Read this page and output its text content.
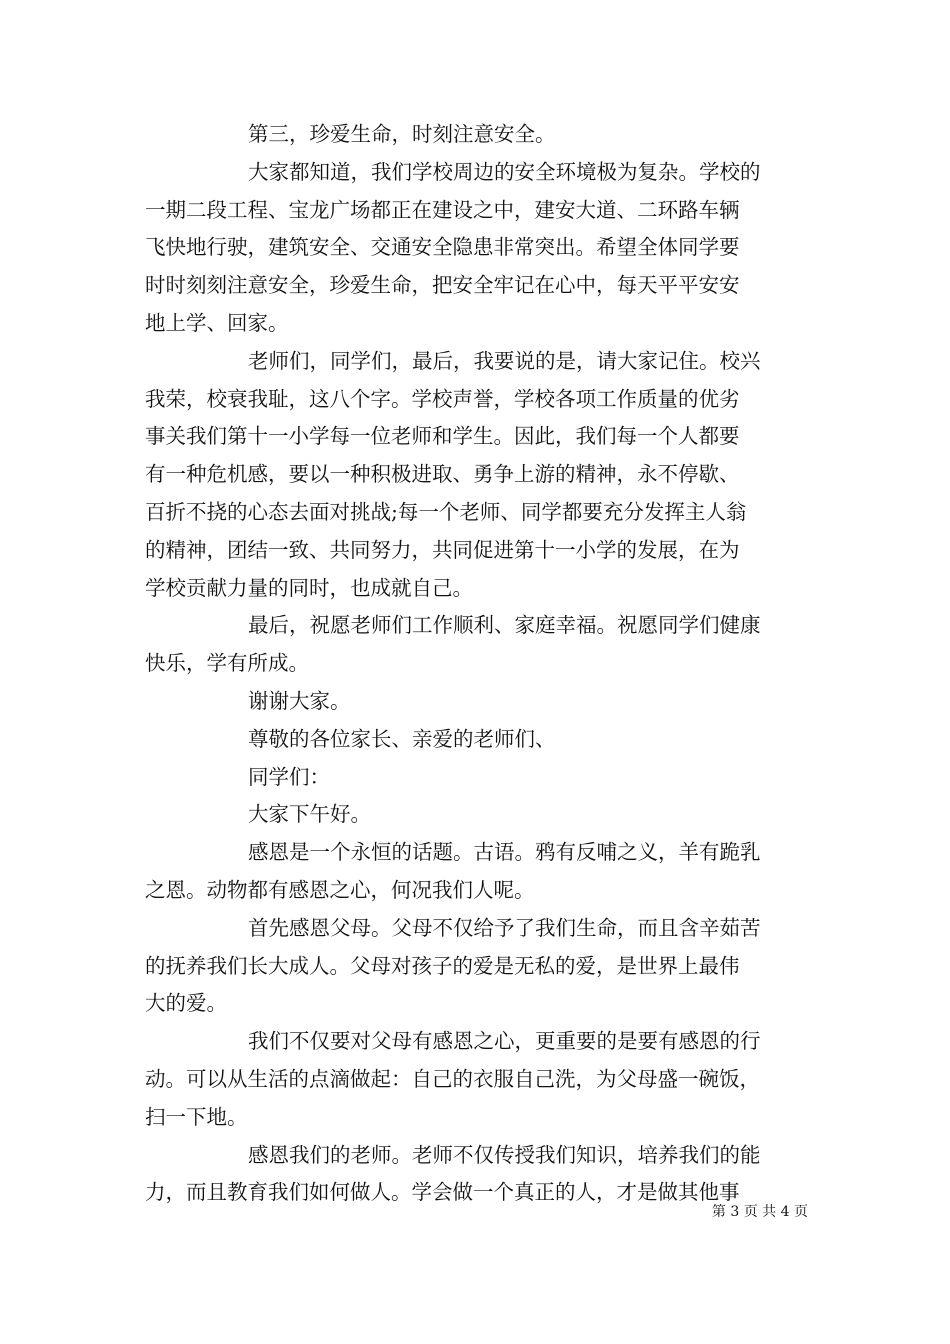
第三，珍爱生命，时刻注意安全。
大家都知道，我们学校周边的安全环境极为复杂。学校的
一期二段工程、宝龙广场都正在建设之中，建安大道、二环路车辆
飞快地行驶，建筑安全、交通安全隐患非常突出。希望全体同学要
时时刻刻注意安全，珍爱生命，把安全牢记在心中，每天平平安安
地上学、回家。
老师们，同学们，最后，我要说的是，请大家记住。校兴
我荣，校衰我耻，这八个字。学校声誉，学校各项工作质量的优劣
事关我们第十一小学每一位老师和学生。因此，我们每一个人都要
有一种危机感，要以一种积极进取、勇争上游的精神，永不停歇、
百折不挠的心态去面对挑战;每一个老师、同学都要充分发挥主人翁
的精神，团结一致、共同努力，共同促进第十一小学的发展，在为
学校贡献力量的同时，也成就自己。
最后，祝愿老师们工作顺利、家庭幸福。祝愿同学们健康
快乐，学有所成。
谢谢大家。
尊敬的各位家长、亲爱的老师们、
同学们：
大家下午好。
感恩是一个永恒的话题。古语。鸦有反哺之义，羊有跪乳
之恩。动物都有感恩之心，何况我们人呢。
首先感恩父母。父母不仅给予了我们生命，而且含辛茹苦
的抚养我们长大成人。父母对孩子的爱是无私的爱，是世界上最伟
大的爱。
我们不仅要对父母有感恩之心，更重要的是要有感恩的行
动。可以从生活的点滴做起：自己的衣服自己洗，为父母盛一碗饭，
扫一下地。
感恩我们的老师。老师不仅传授我们知识，培养我们的能
力，而且教育我们如何做人。学会做一个真正的人，才是做其他事
第 3 页 共 4 页
